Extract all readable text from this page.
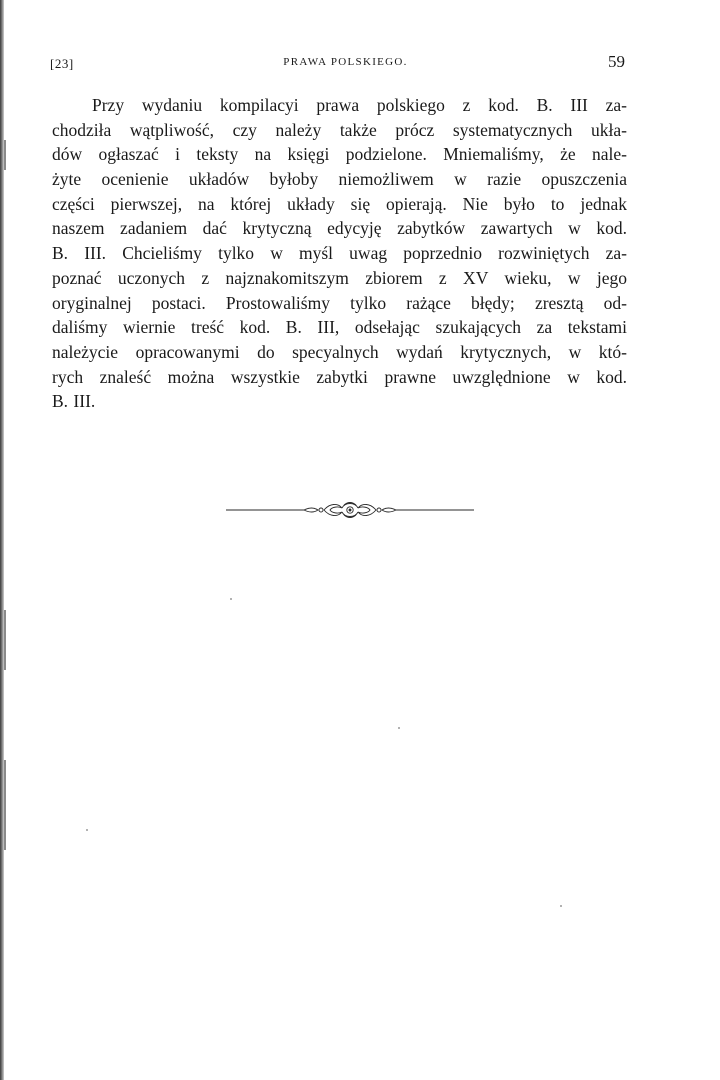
[23]	PRAWA POLSKIEGO.	59
Przy wydaniu kompilacyi prawa polskiego z kod. B. III za-
chodziła wątpliwość, czy należy także prócz systematycznych ukła-
dów ogłaszać i teksty na księgi podzielone. Mniemaliśmy, że nale-
żyte ocenienie układów byłoby niemożliwem w razie opuszczenia
części pierwszej, na której układy się opierają. Nie było to jednak
naszem zadaniem dać krytyczną edycyję zabytków zawartych w kod.
B. III. Chcieliśmy tylko w myśl uwag poprzednio rozwiniętych za-
poznać uczonych z najznakomitszym zbiorem z XV wieku, w jego
oryginalnej postaci. Prostowaliśmy tylko rażące błędy; zresztą od-
daliśmy wiernie treść kod. B. III, odsełając szukających za tekstami
należycie opracowanymi do specyalnych wydań krytycznych, w któ-
rych znaleść można wszystkie zabytki prawne uwzględnione w kod.
B. III.
